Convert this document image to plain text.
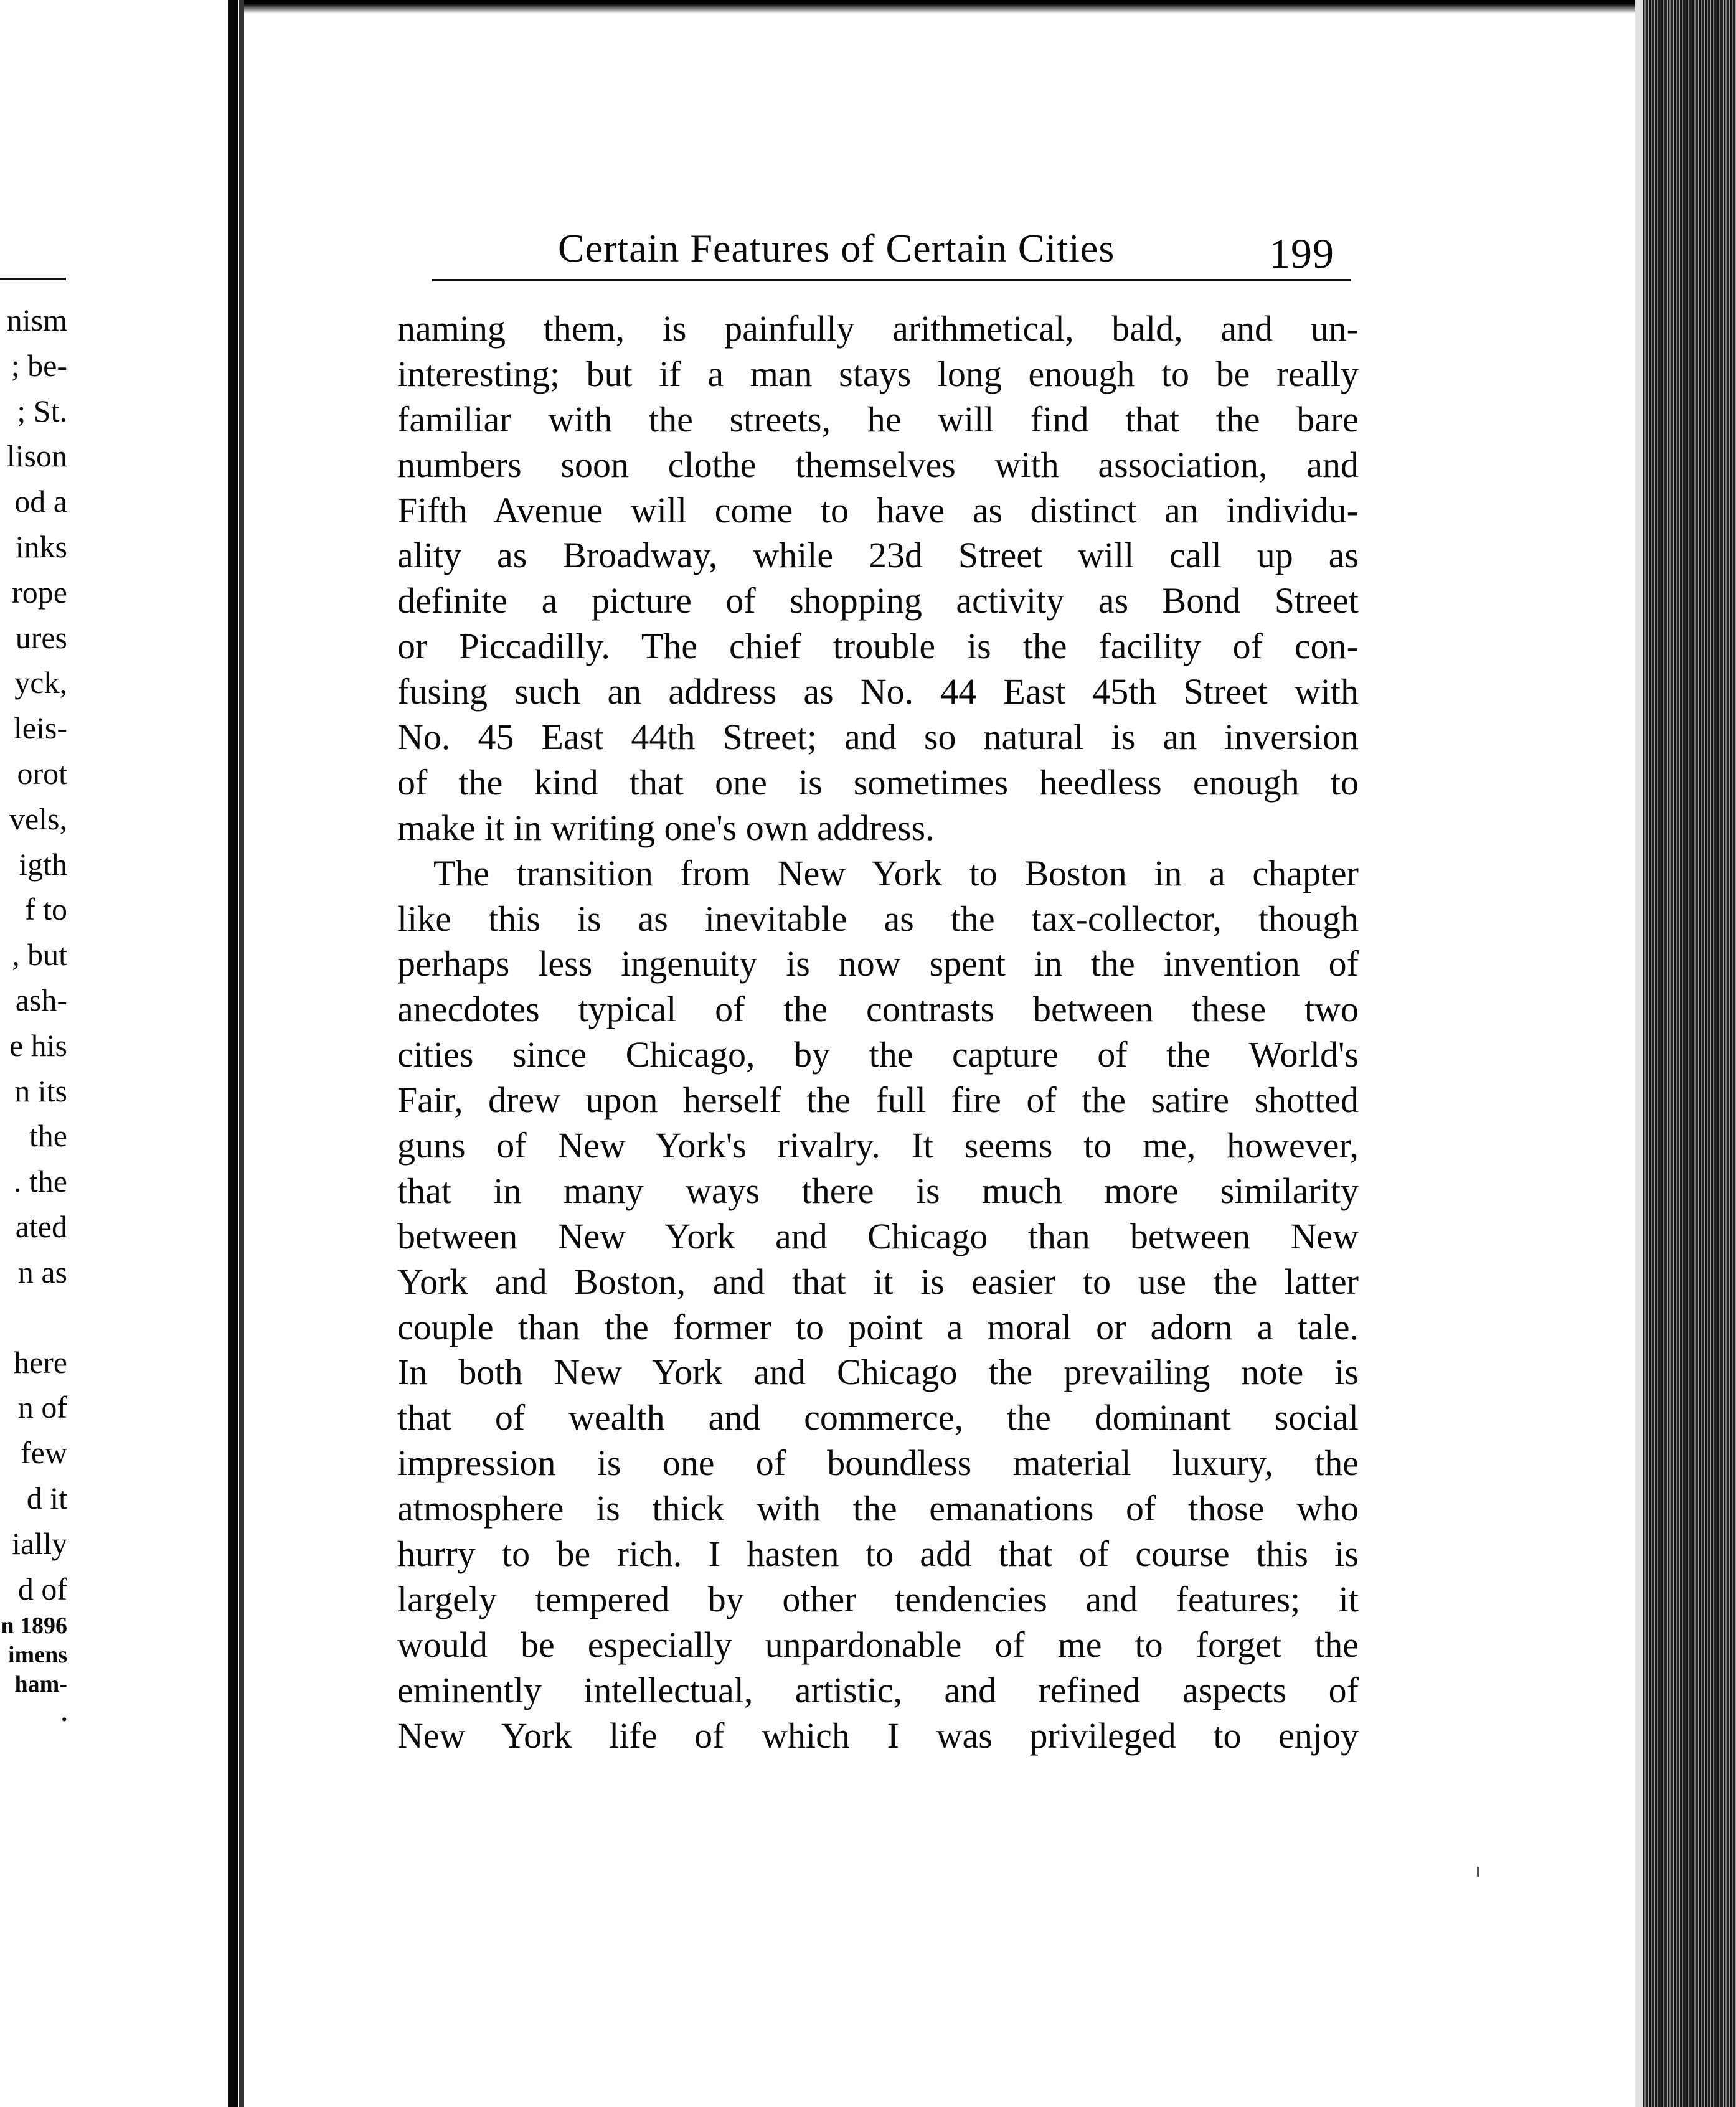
nism
; be-
; St.
lison
od a
inks
rope
ures
yck,
leis-
orot
vels,
igth
f to
, but
ash-
e his
n its
the
. the
ated
n as
here
n of
few
d it
ially
d of
n 1896
imens
ham-
.
Certain Features of Certain Cities	199
naming them, is painfully arithmetical, bald, and un-
interesting; but if a man stays long enough to be really
familiar with the streets, he will find that the bare
numbers soon clothe themselves with association, and
Fifth Avenue will come to have as distinct an individu-
ality as Broadway, while 23d Street will call up as
definite a picture of shopping activity as Bond Street
or Piccadilly. The chief trouble is the facility of con-
fusing such an address as No. 44 East 45th Street with
No. 45 East 44th Street; and so natural is an inversion
of the kind that one is sometimes heedless enough to
make it in writing one's own address.
The transition from New York to Boston in a chapter
like this is as inevitable as the tax-collector, though
perhaps less ingenuity is now spent in the invention of
anecdotes typical of the contrasts between these two
cities since Chicago, by the capture of the World's
Fair, drew upon herself the full fire of the satire shotted
guns of New York's rivalry. It seems to me, however,
that in many ways there is much more similarity
between New York and Chicago than between New
York and Boston, and that it is easier to use the latter
couple than the former to point a moral or adorn a tale.
In both New York and Chicago the prevailing note is
that of wealth and commerce, the dominant social
impression is one of boundless material luxury, the
atmosphere is thick with the emanations of those who
hurry to be rich. I hasten to add that of course this is
largely tempered by other tendencies and features; it
would be especially unpardonable of me to forget the
eminently intellectual, artistic, and refined aspects of
New York life of which I was privileged to enjoy
